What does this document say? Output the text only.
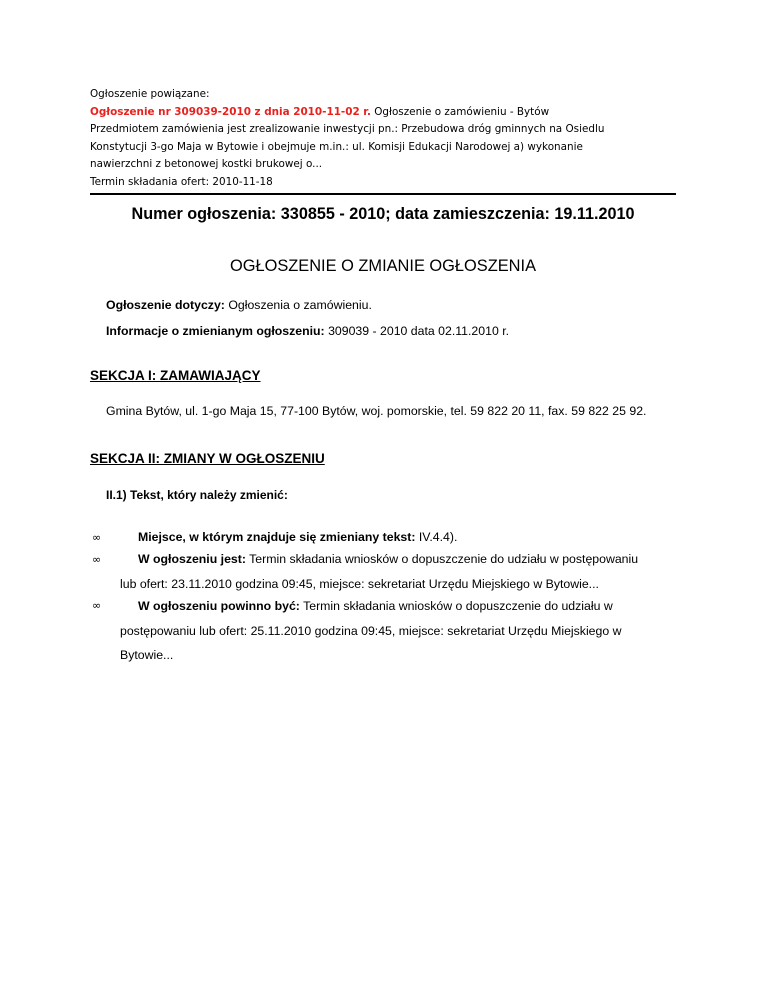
Ogłoszenie powiązane:
Ogłoszenie nr 309039-2010 z dnia 2010-11-02 r. Ogłoszenie o zamówieniu - Bytów
Przedmiotem zamówienia jest zrealizowanie inwestycji pn.: Przebudowa dróg gminnych na Osiedlu
Konstytucji 3-go Maja w Bytowie i obejmuje m.in.: ul. Komisji Edukacji Narodowej a) wykonanie
nawierzchni z betonowej kostki brukowej o...
Termin składania ofert: 2010-11-18
Numer ogłoszenia: 330855 - 2010; data zamieszczenia: 19.11.2010
OGŁOSZENIE O ZMIANIE OGŁOSZENIA
Ogłoszenie dotyczy: Ogłoszenia o zamówieniu.
Informacje o zmienianym ogłoszeniu: 309039 - 2010 data 02.11.2010 r.
SEKCJA I: ZAMAWIAJĄCY
Gmina Bytów, ul. 1-go Maja 15, 77-100 Bytów, woj. pomorskie, tel. 59 822 20 11, fax. 59 822 25 92.
SEKCJA II: ZMIANY W OGŁOSZENIU
II.1) Tekst, który należy zmienić:
∞	Miejsce, w którym znajduje się zmieniany tekst: IV.4.4).
∞	W ogłoszeniu jest: Termin składania wniosków o dopuszczenie do udziału w postępowaniu
lub ofert: 23.11.2010 godzina 09:45, miejsce: sekretariat Urzędu Miejskiego w Bytowie...
∞	W ogłoszeniu powinno być: Termin składania wniosków o dopuszczenie do udziału w
postępowaniu lub ofert: 25.11.2010 godzina 09:45, miejsce: sekretariat Urzędu Miejskiego w
Bytowie...
